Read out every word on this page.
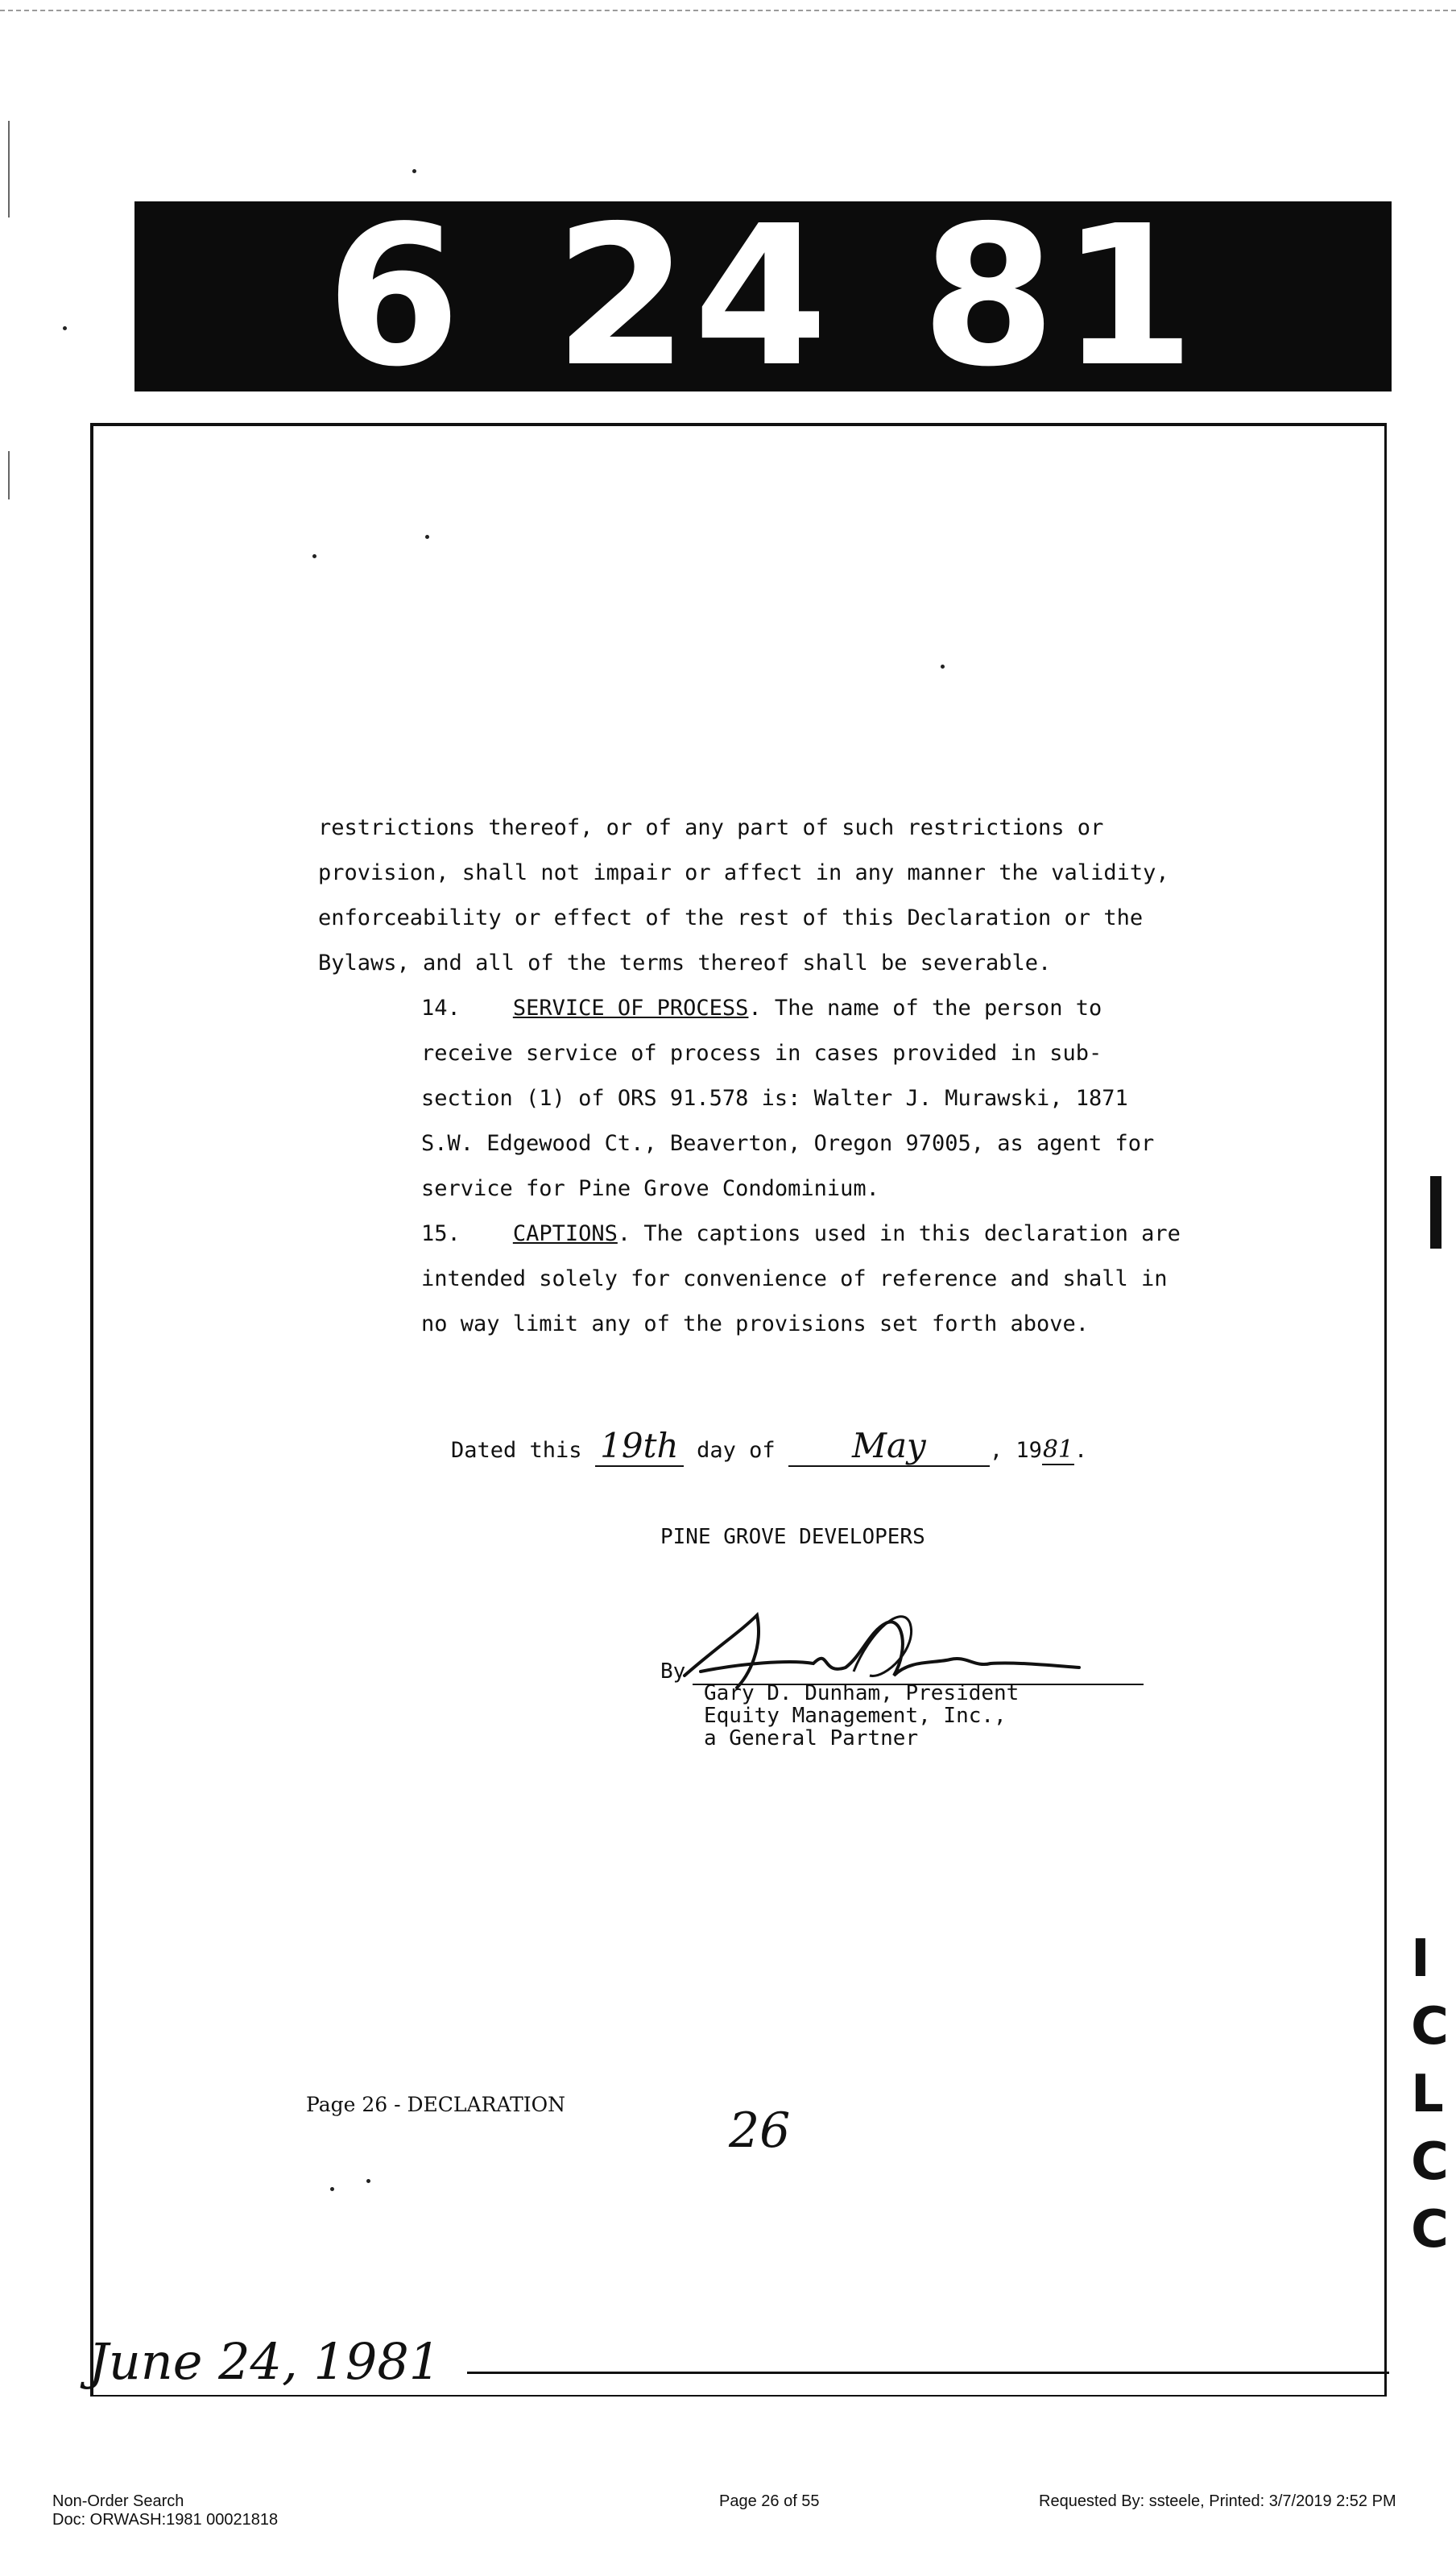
6 24 81

restrictions thereof, or of any part of such restrictions or provision, shall not impair or affect in any manner the validity, enforceability or effect of the rest of this Declaration or the Bylaws, and all of the terms thereof shall be severable.

14. SERVICE OF PROCESS. The name of the person to receive service of process in cases provided in sub-section (1) of ORS 91.578 is: Walter J. Murawski, 1871 S.W. Edgewood Ct., Beaverton, Oregon 97005, as agent for service for Pine Grove Condominium.

15. CAPTIONS. The captions used in this declaration are intended solely for convenience of reference and shall in no way limit any of the provisions set forth above.

Dated this 19th day of May	, 1981.
PINE GROVE DEVELOPERS
By
Gary D. Dunham, President
Equity Management, Inc.,
a General Partner
Page 26 - DECLARATION	26
June 24, 1981
I
C
L
C
C
Non-Order Search
Doc: ORWASH:1981 00021818
Page 26 of 55	Requested By: ssteele, Printed: 3/7/2019 2:52 PM
